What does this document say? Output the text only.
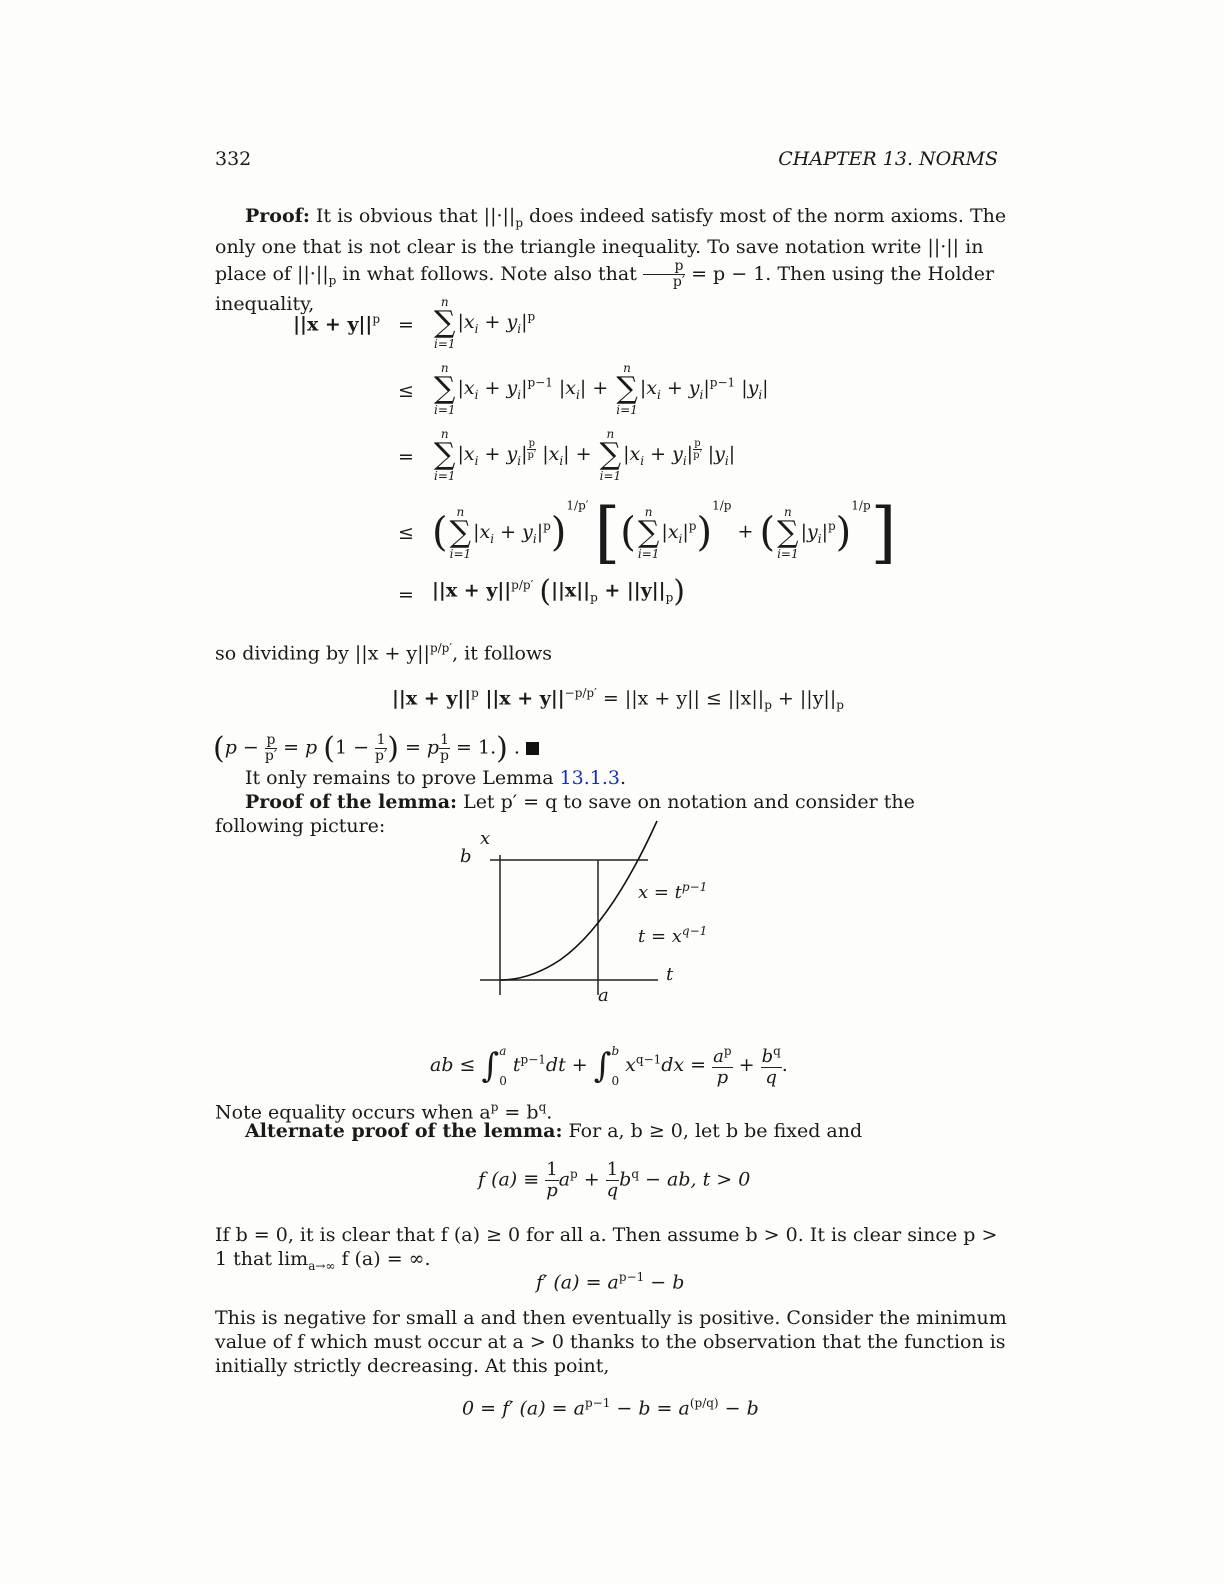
332	CHAPTER 13. NORMS
Proof: It is obvious that $||\cdot||_p$ does indeed satisfy most of the norm axioms. The only one that is not clear is the triangle inequality. To save notation write ||·|| in place of $||\cdot||_p$ in what follows. Note also that $\frac{p}{p'} = p - 1$. Then using the Holder inequality,
$||x + y||^p$ =
≤
=
≤
=
n
∑
i=1
$|x_i + y_i|^p$
n
∑
i=1
$|x_i + y_i|^{p-1}$ $|x_i|$ +
n
∑
i=1
$|x_i + y_i|^{p-1}$ $|y_i|$
n
∑
i=1
$|x_i + y_i|$ $^{\frac{p}{p'}}$ $|x_i|$ +
n
∑
i=1
$|x_i + y_i|$ $^{\frac{p}{p'}}$ $|y_i|$
( n
∑
i=1
$|x_i + y_i|^p)^{1/p'}$ [( n
∑
i=1
$|x_i|^p)^{1/p}$ + ( n
∑
i=1
$|y_i|^p)^{1/p}$]
$||x + y||^{p/p'}$ $(||x||_p + ||y||_p)$
so dividing by $||x + y||^{p/p'}$, it follows
$||x + y||^p$ $||x + y||^{-p/p'} = ||x + y|| \le ||x||_p + ||y||_p$
($p - \frac{p}{p'} = p$ ($1 - \frac{1}{p'}$ ) = p $\frac{1}{p} = 1$.) .
It only remains to prove Lemma 13.1.3.
Proof of the lemma: Let p′ = q to save on notation and consider the following picture:
x
b
$x = t^{p-1}$
$t = x^{q-1}$
t
a
ab ≤ ∫ a
0
$t^{p-1}dt$ + ∫ b
0
$x^{q-1}dx = \frac{a^p}{p} + \frac{b^q}{q}$ .
Note equality occurs when $a^p = b^q$.
Alternate proof of the lemma: For a, b ≥ 0, let b be fixed and
f $(a) \equiv \frac{1}{p} a^p + \frac{1}{q} b^q$ − ab, t > 0
If b = 0, it is clear that f (a) ≥ 0 for all a. Then assume b > 0. It is clear since p > 1 that $\lim_{a\to\infty} f$ (a) = ∞.
f′ $(a) = a^{p-1} - b$
This is negative for small a and then eventually is positive. Consider the minimum value of f which must occur at a > 0 thanks to the observation that the function is initially strictly decreasing. At this point,
0 = f′ $(a) = a^{p-1} - b = a^{(p/q)} - b$
